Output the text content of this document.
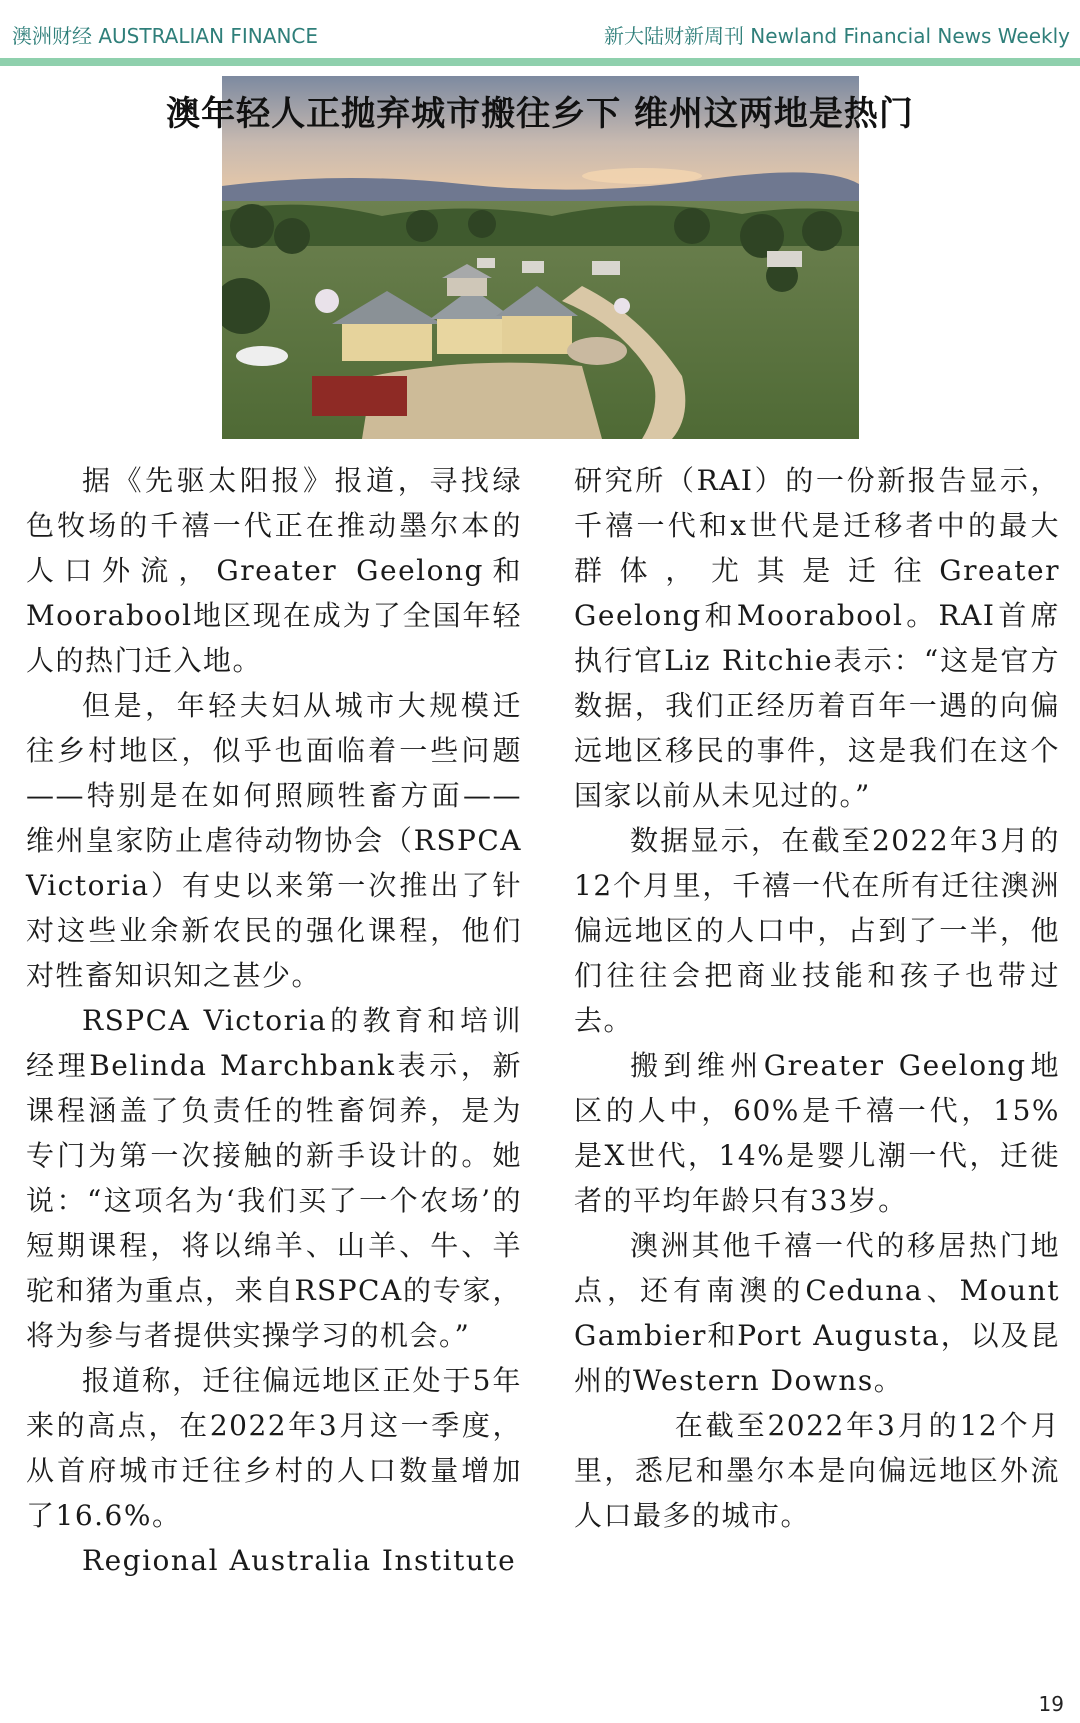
澳洲财经 AUSTRALIAN FINANCE	新大陆财新周刊 Newland Financial News Weekly
澳年轻人正抛弃城市搬往乡下 维州这两地是热门

据《先驱太阳报》报道，寻找绿色牧场的千禧一代正在推动墨尔本的人口外流，Greater Geelong和Moorabool地区现在成为了全国年轻人的热门迁入地。

但是，年轻夫妇从城市大规模迁往乡村地区，似乎也面临着一些问题——特别是在如何照顾牲畜方面——维州皇家防止虐待动物协会（RSPCA Victoria）有史以来第一次推出了针对这些业余新农民的强化课程，他们对牲畜知识知之甚少。

RSPCA Victoria的教育和培训经理Belinda Marchbank表示，新课程涵盖了负责任的牲畜饲养，是为专门为第一次接触的新手设计的。她说：“这项名为‘我们买了一个农场’的短期课程，将以绵羊、山羊、牛、羊驼和猪为重点，来自RSPCA的专家，将为参与者提供实操学习的机会。”

报道称，迁往偏远地区正处于5年来的高点，在2022年3月这一季度，从首府城市迁往乡村的人口数量增加了16.6%。

Regional Australia Institute

研究所（RAI）的一份新报告显示，千禧一代和x世代是迁移者中的最大群体，尤其是迁往Greater Geelong和Moorabool。RAI首席执行官Liz Ritchie表示：“这是官方数据，我们正经历着百年一遇的向偏远地区移民的事件，这是我们在这个国家以前从未见过的。”

数据显示，在截至2022年3月的12个月里，千禧一代在所有迁往澳洲偏远地区的人口中，占到了一半，他们往往会把商业技能和孩子也带过去。

搬到维州Greater Geelong地区的人中，60%是千禧一代，15%是X世代，14%是婴儿潮一代，迁徙者的平均年龄只有33岁。

澳洲其他千禧一代的移居热门地点，还有南澳的Ceduna、Mount Gambier和Port Augusta，以及昆州的Western Downs。

在截至2022年3月的12个月里，悉尼和墨尔本是向偏远地区外流人口最多的城市。

19
